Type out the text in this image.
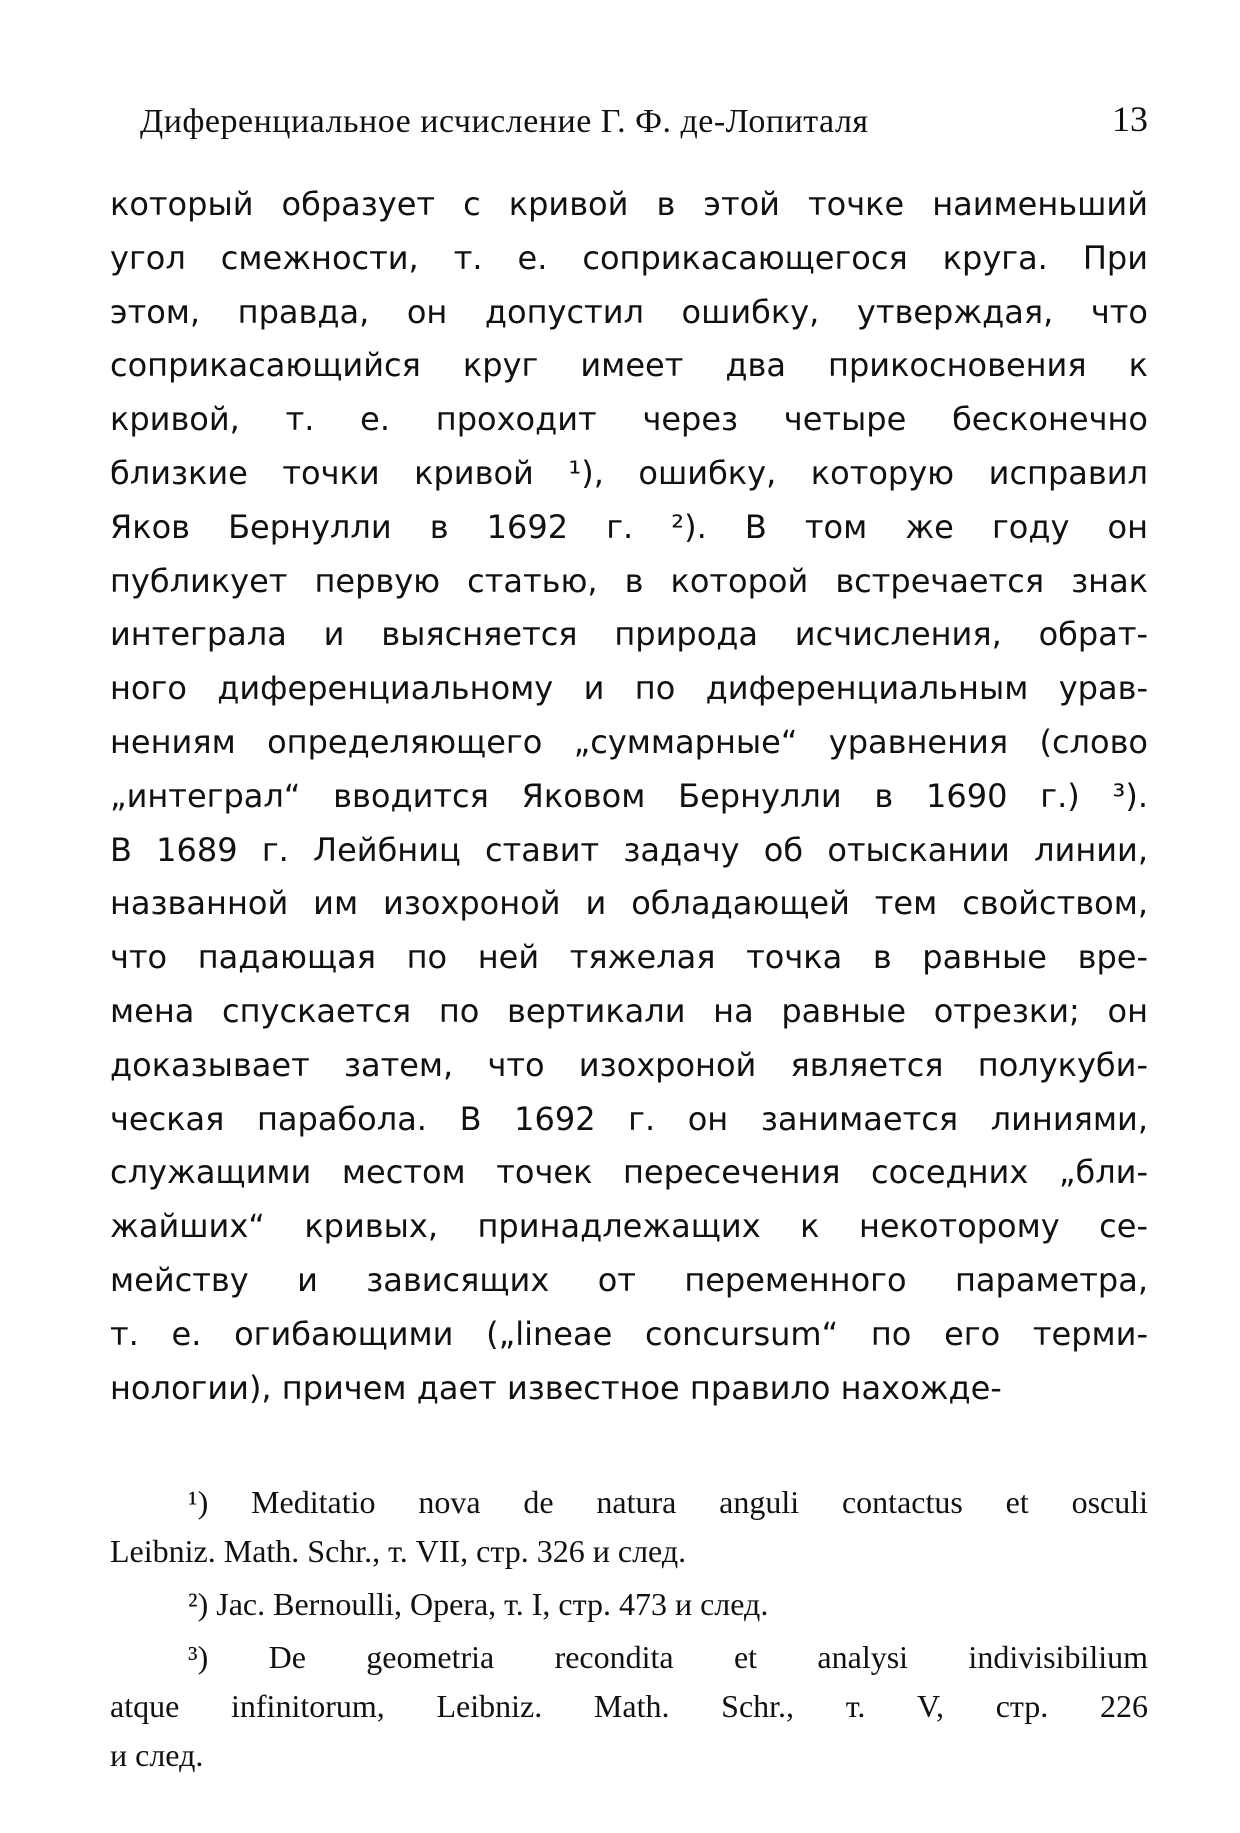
Диференциальное исчисление Г. Ф. де-Лопиталя	13
который образует с кривой в этой точке наименьший
угол смежности, т. е. соприкасающегося круга. При
этом, правда, он допустил ошибку, утверждая, что
соприкасающийся круг имеет два прикосновения к
кривой, т. е. проходит через четыре бесконечно
близкие точки кривой ¹), ошибку, которую исправил
Яков Бернулли в 1692 г. ²). В том же году он
публикует первую статью, в которой встречается знак
интеграла и выясняется природа исчисления, обрат-
ного диференциальному и по диференциальным урав-
нениям определяющего „суммарные“ уравнения (слово
„интеграл“ вводится Яковом Бернулли в 1690 г.) ³).
В 1689 г. Лейбниц ставит задачу об отыскании линии,
названной им изохроной и обладающей тем свойством,
что падающая по ней тяжелая точка в равные вре-
мена спускается по вертикали на равные отрезки; он
доказывает затем, что изохроной является полукуби-
ческая парабола. В 1692 г. он занимается линиями,
служащими местом точек пересечения соседних „бли-
жайших“ кривых, принадлежащих к некоторому се-
мейству и зависящих от переменного параметра,
т. е. огибающими („lineae concursum“ по его терми-
нологии), причем дает известное правило нахожде-
¹) Meditatio nova de natura anguli contactus et osculi
Leibniz. Math. Schr., т. VII, стр. 326 и след.
²) Jac. Bernoulli, Opera, т. I, стр. 473 и след.
³) De geometria recondita et analysi indivisibilium
atque infinitorum, Leibniz. Math. Schr., т. V, стр. 226
и след.
